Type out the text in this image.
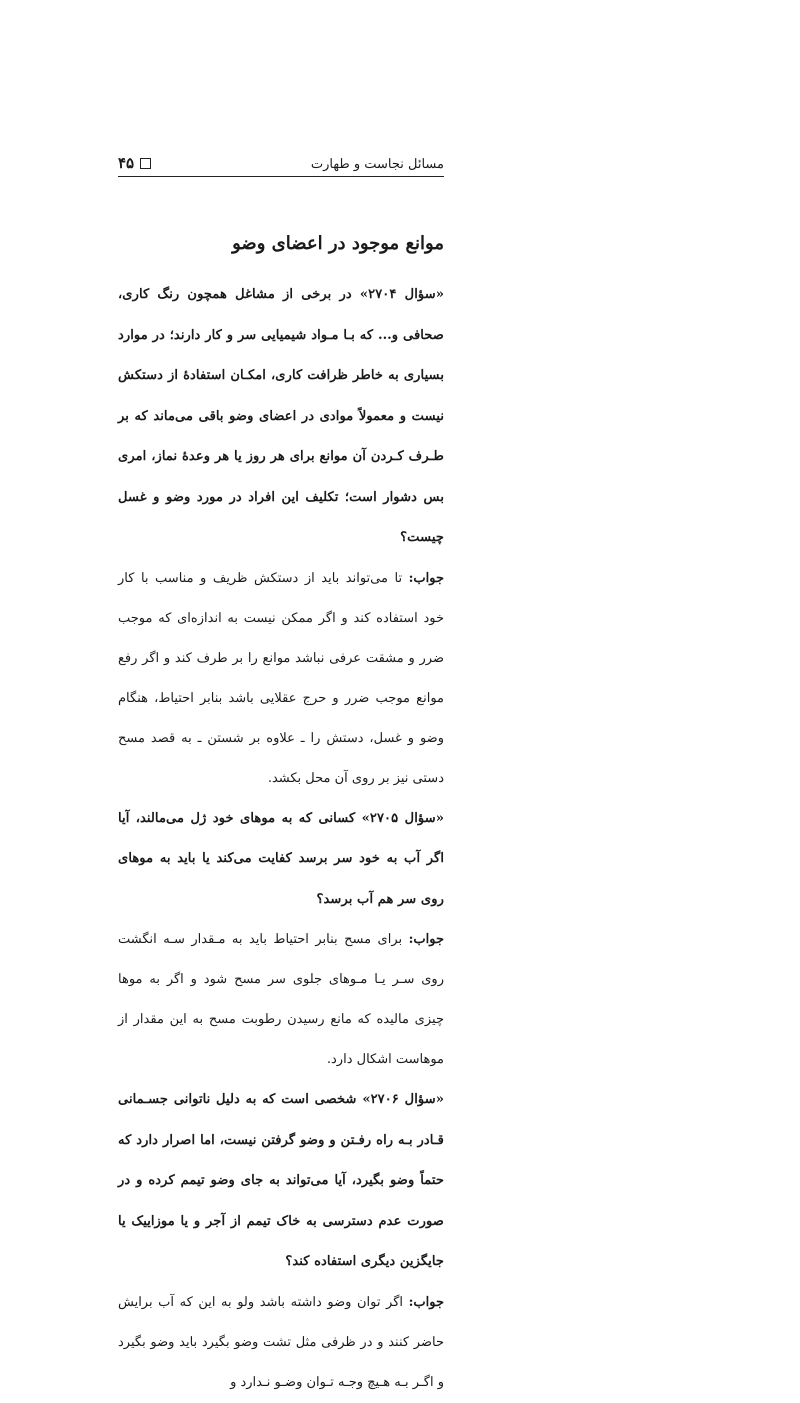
مسائل نجاست و طهارت
۴۵
موانع موجود در اعضای وضو

«سؤال ۲۷۰۴» در برخی از مشاغل همچون رنگ کاری، صحافی و... که بـا مـواد شیمیایی سر و کار دارند؛ در موارد بسیاری به خاطر ظرافت کاری، امکـان استفادهٔ از دستکش نیست و معمولاً موادی در اعضای وضو باقی می‌ماند که بر طـرف کـردن آن موانع برای هر روز یا هر وعدهٔ نماز، امری بس دشوار است؛ تکلیف این افراد در مورد وضو و غسل چیست؟

جواب: تا می‌تواند باید از دستکش ظریف و مناسب با کار خود استفاده کند و اگر ممکن نیست به اندازه‌ای که موجب ضرر و مشقت عرفی نباشد موانع را بر طرف کند و اگر رفع موانع موجب ضرر و حرج عقلایی باشد بنابر احتیاط، هنگام وضو و غسل، دستش را ـ علاوه بر شستن ـ به قصد مسح دستی نیز بر روی آن محل بکشد.

«سؤال ۲۷۰۵» کسانی که به موهای خود ژل می‌مالند، آیا اگر آب به خود سر برسد کفایت می‌کند یا باید به موهای روی سر هم آب برسد؟

جواب: برای مسح بنابر احتیاط باید به مـقدار سـه انگشت روی سـر یـا مـوهای جلوی سر مسح شود و اگر به موها چیزی مالیده که مانع رسیدن رطوبت مسح به این مقدار از موهاست اشکال دارد.

«سؤال ۲۷۰۶» شخصی است که به دلیل ناتوانی جسـمانی قـادر بـه راه رفـتن و وضو گرفتن نیست، اما اصرار دارد که حتماً وضو بگیرد، آیا می‌تواند به جای وضو تیمم کرده و در صورت عدم دسترسی به خاک تیمم از آجر و یا موزاییک یا جایگزین دیگری استفاده کند؟

جواب: اگر توان وضو داشته باشد ولو به این که آب برایش حاضر کنند و در ظرفی مثل تشت وضو بگیرد باید وضو بگیرد و اگـر بـه هـیچ وجـه تـوان وضـو نـدارد و
